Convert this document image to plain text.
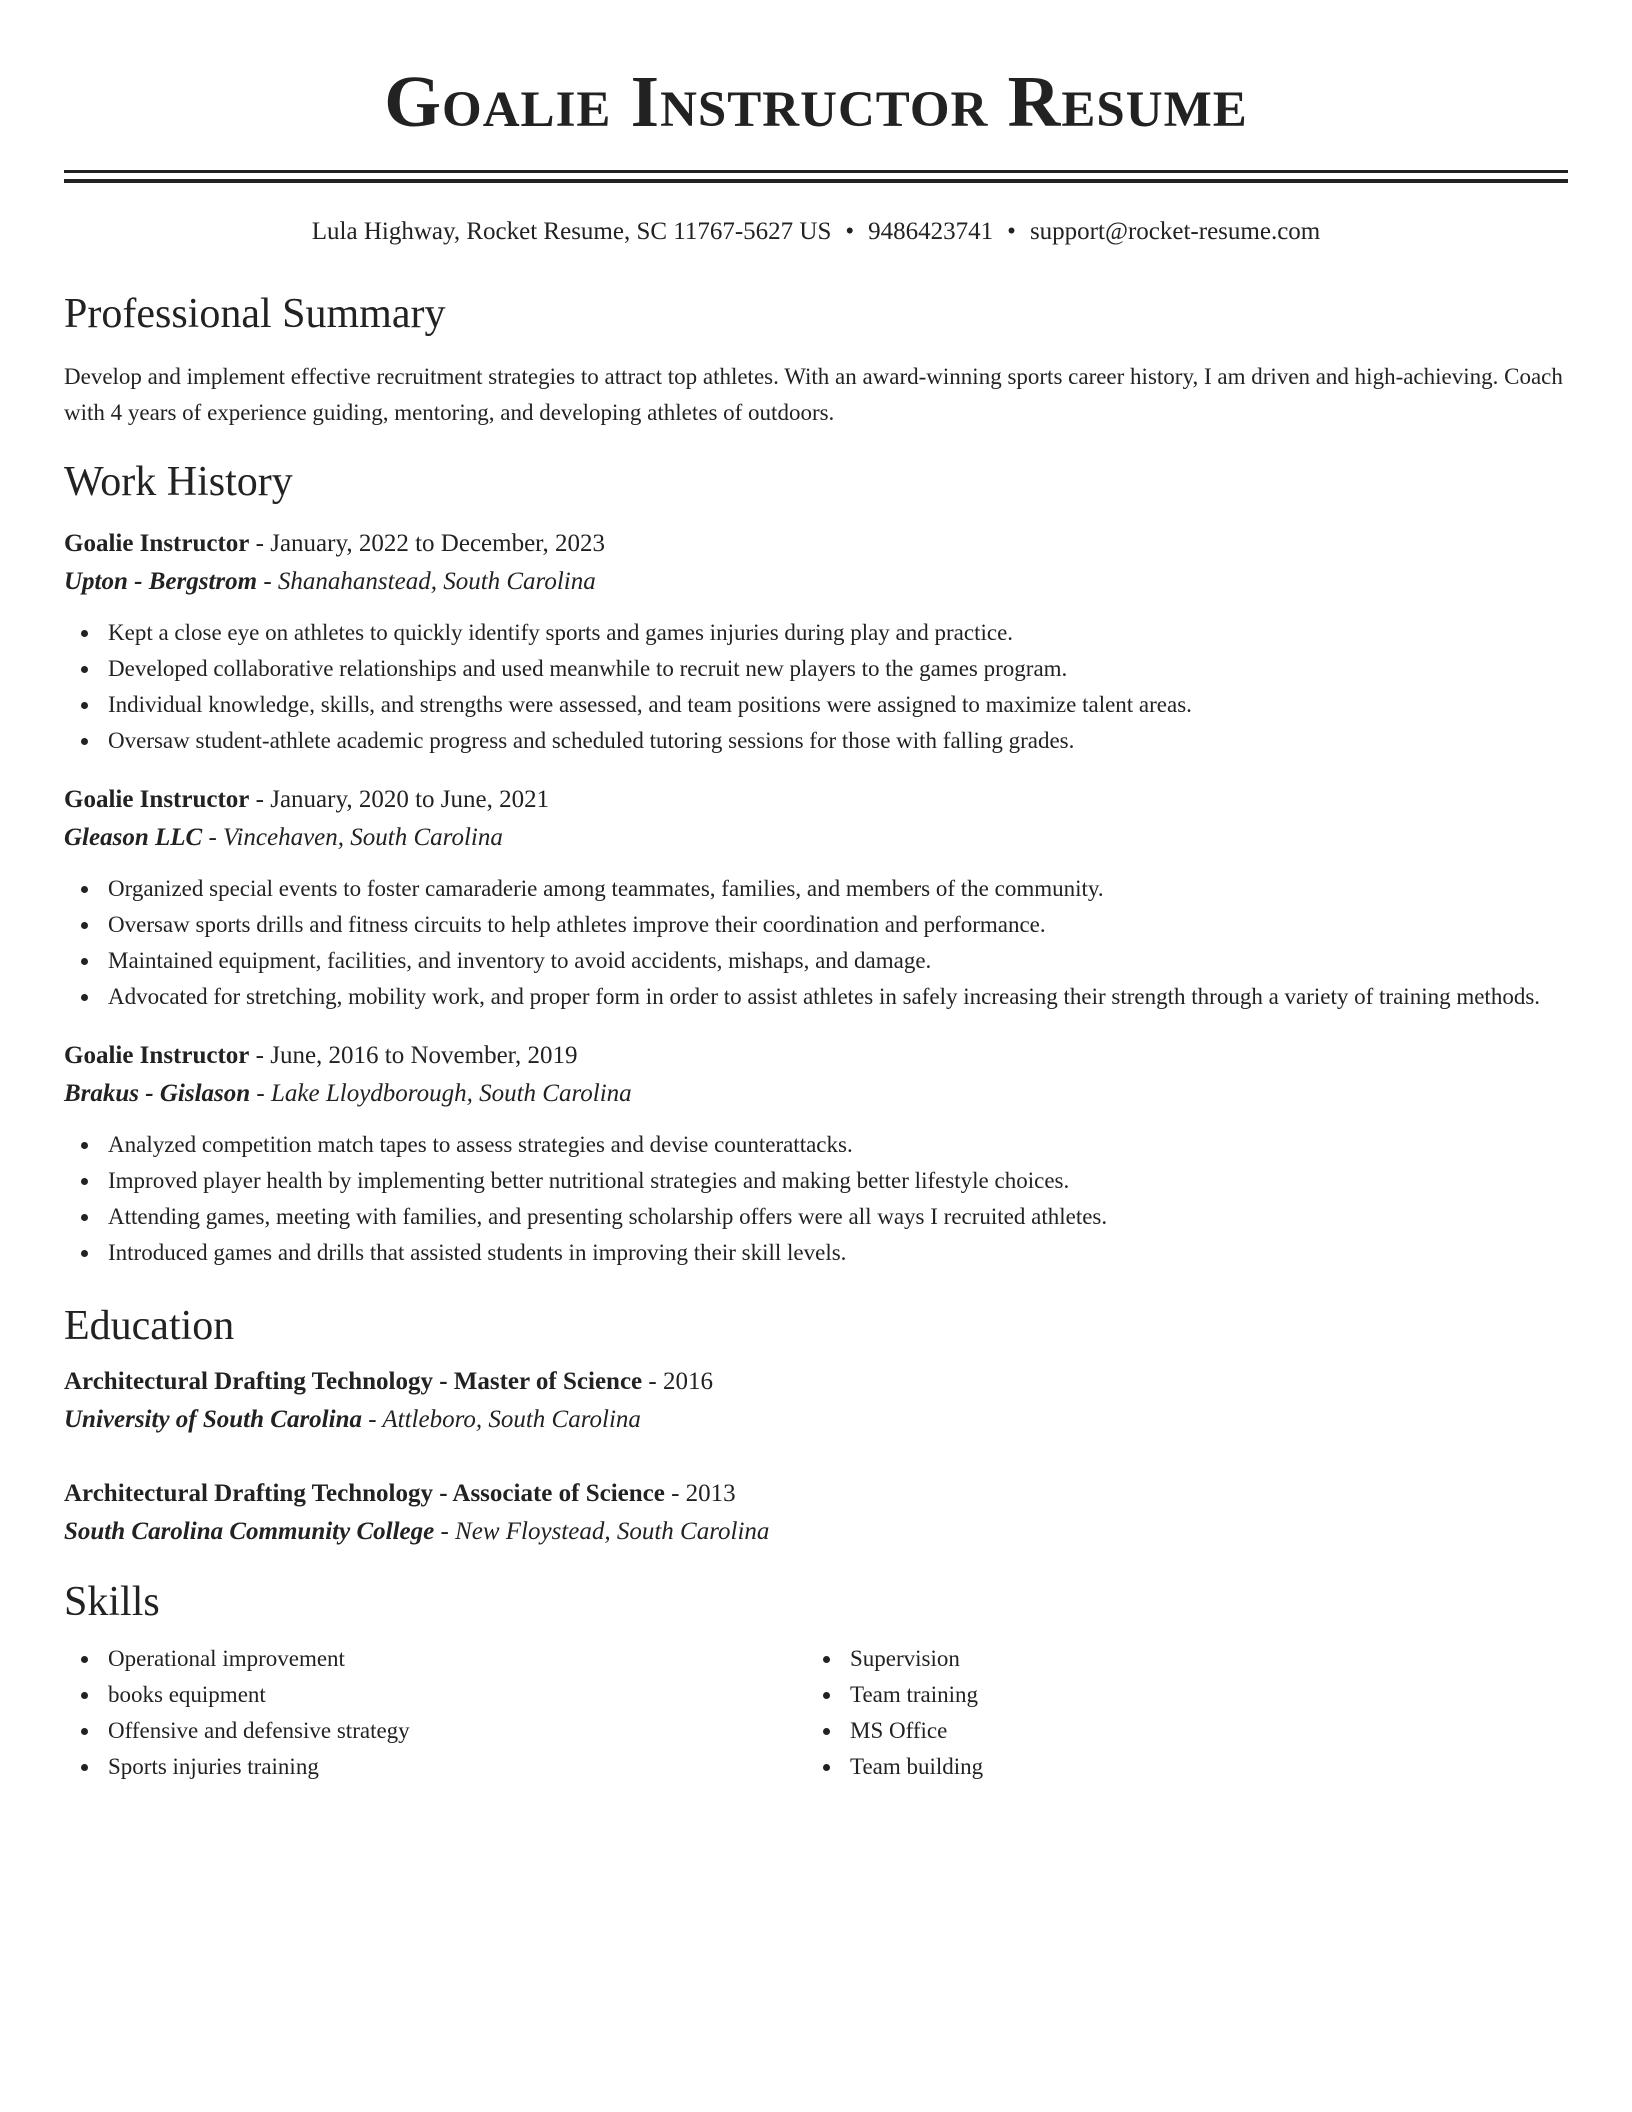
Goalie Instructor Resume
Lula Highway, Rocket Resume, SC 11767-5627 US • 9486423741 • support@rocket-resume.com
Professional Summary

Develop and implement effective recruitment strategies to attract top athletes. With an award-winning sports career history, I am driven and high-achieving. Coach with 4 years of experience guiding, mentoring, and developing athletes of outdoors.

Work History
Goalie Instructor - January, 2022 to December, 2023
Upton - Bergstrom - Shanahanstead, South Carolina
Kept a close eye on athletes to quickly identify sports and games injuries during play and practice.
Developed collaborative relationships and used meanwhile to recruit new players to the games program.
Individual knowledge, skills, and strengths were assessed, and team positions were assigned to maximize talent areas.
Oversaw student-athlete academic progress and scheduled tutoring sessions for those with falling grades.
Goalie Instructor - January, 2020 to June, 2021
Gleason LLC - Vincehaven, South Carolina
Organized special events to foster camaraderie among teammates, families, and members of the community.
Oversaw sports drills and fitness circuits to help athletes improve their coordination and performance.
Maintained equipment, facilities, and inventory to avoid accidents, mishaps, and damage.
Advocated for stretching, mobility work, and proper form in order to assist athletes in safely increasing their strength through a variety of training methods.
Goalie Instructor - June, 2016 to November, 2019
Brakus - Gislason - Lake Lloydborough, South Carolina
Analyzed competition match tapes to assess strategies and devise counterattacks.
Improved player health by implementing better nutritional strategies and making better lifestyle choices.
Attending games, meeting with families, and presenting scholarship offers were all ways I recruited athletes.
Introduced games and drills that assisted students in improving their skill levels.
Education
Architectural Drafting Technology - Master of Science - 2016
University of South Carolina - Attleboro, South Carolina
Architectural Drafting Technology - Associate of Science - 2013
South Carolina Community College - New Floystead, South Carolina
Skills
Operational improvement
books equipment
Offensive and defensive strategy
Sports injuries training
Supervision
Team training
MS Office
Team building
